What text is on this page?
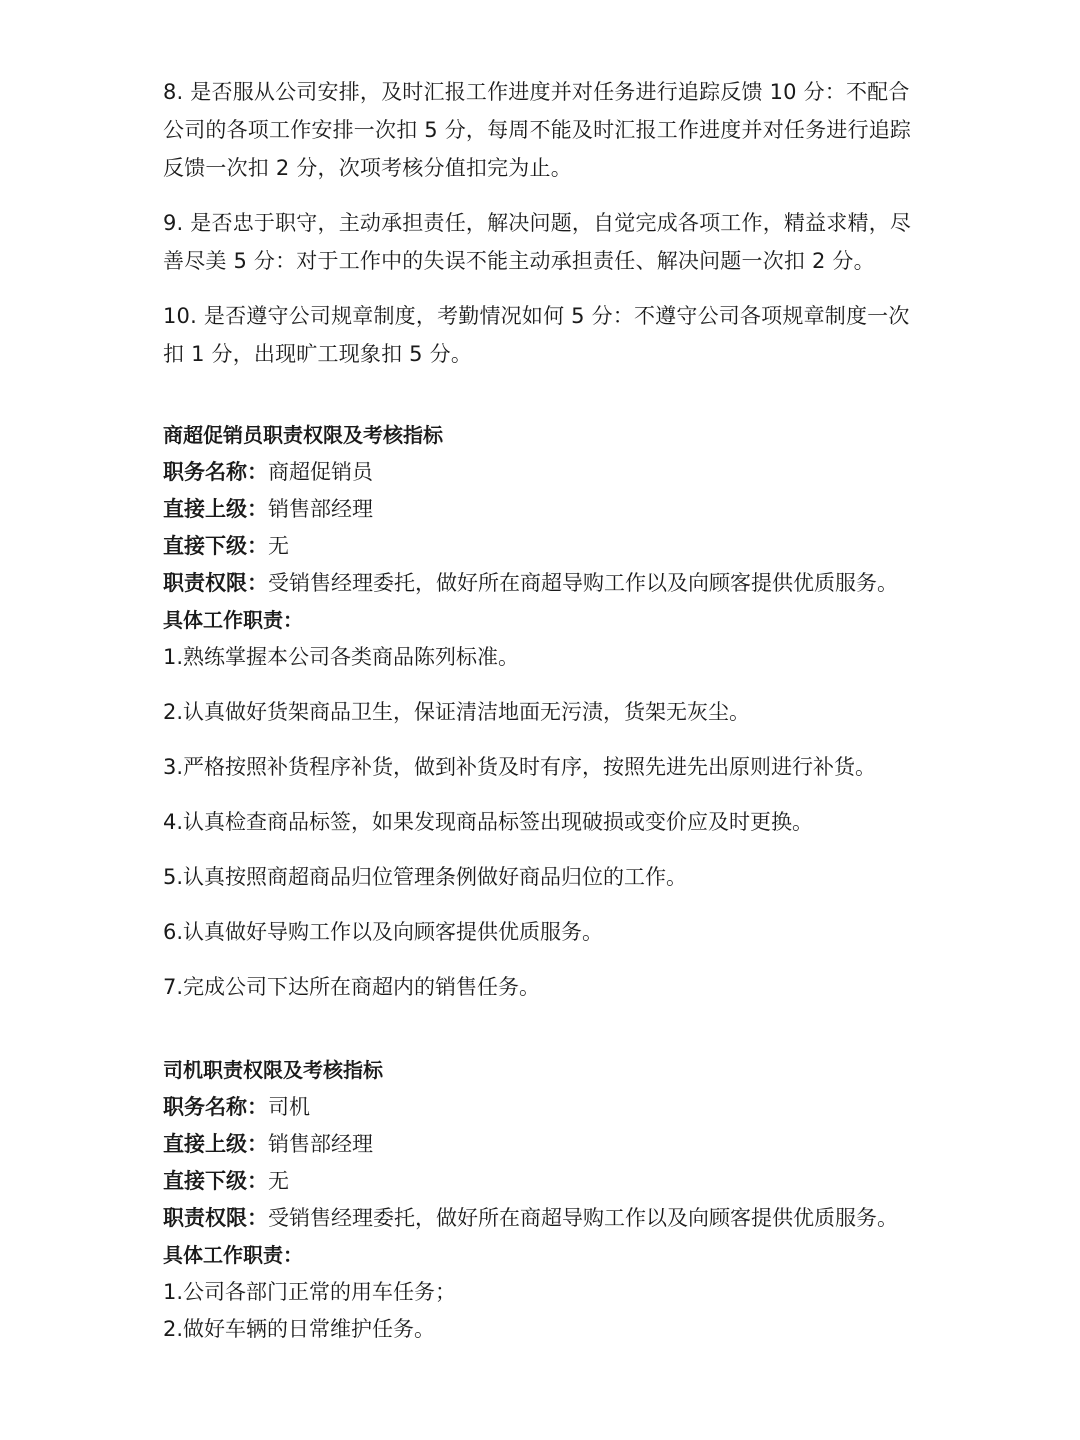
8. 是否服从公司安排，及时汇报工作进度并对任务进行追踪反馈 10 分：不配合公司的各项工作安排一次扣 5 分，每周不能及时汇报工作进度并对任务进行追踪反馈一次扣 2 分，次项考核分值扣完为止。

9. 是否忠于职守，主动承担责任，解决问题，自觉完成各项工作，精益求精，尽善尽美 5 分：对于工作中的失误不能主动承担责任、解决问题一次扣 2 分。

10. 是否遵守公司规章制度，考勤情况如何 5 分：不遵守公司各项规章制度一次扣 1 分，出现旷工现象扣 5 分。

商超促销员职责权限及考核指标

职务名称：商超促销员

直接上级：销售部经理

直接下级：无

职责权限：受销售经理委托，做好所在商超导购工作以及向顾客提供优质服务。

具体工作职责：

1.熟练掌握本公司各类商品陈列标准。

2.认真做好货架商品卫生，保证清洁地面无污渍，货架无灰尘。

3.严格按照补货程序补货，做到补货及时有序，按照先进先出原则进行补货。

4.认真检查商品标签，如果发现商品标签出现破损或变价应及时更换。

5.认真按照商超商品归位管理条例做好商品归位的工作。

6.认真做好导购工作以及向顾客提供优质服务。

7.完成公司下达所在商超内的销售任务。

司机职责权限及考核指标

职务名称：司机

直接上级：销售部经理

直接下级：无

职责权限：受销售经理委托，做好所在商超导购工作以及向顾客提供优质服务。

具体工作职责：

1.公司各部门正常的用车任务；

2.做好车辆的日常维护任务。
